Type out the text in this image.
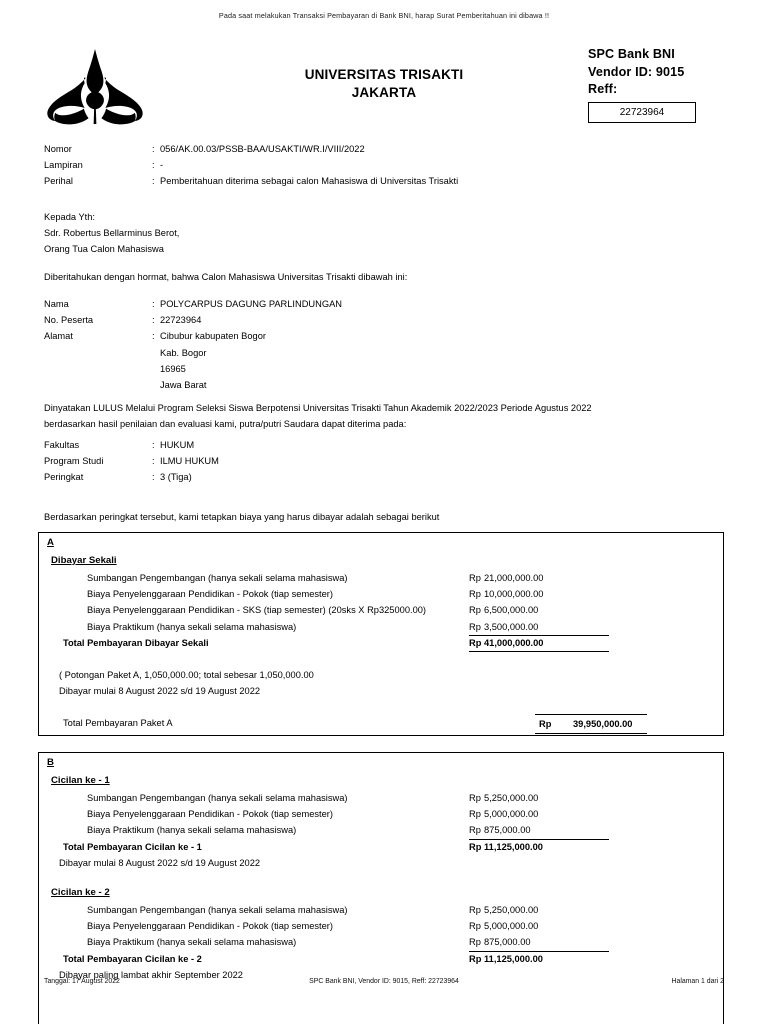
Pada saat melakukan Transaksi Pembayaran di Bank BNI, harap Surat Pemberitahuan ini dibawa !!
UNIVERSITAS TRISAKTI
JAKARTA
SPC Bank BNI
Vendor ID: 9015
Reff:
22723964
Nomor	: 056/AK.00.03/PSSB-BAA/USAKTI/WR.I/VIII/2022
Lampiran	: -
Perihal	: Pemberitahuan diterima sebagai calon Mahasiswa di Universitas Trisakti
Kepada Yth:
Sdr. Robertus Bellarminus Berot,
Orang Tua Calon Mahasiswa
Diberitahukan dengan hormat, bahwa Calon Mahasiswa Universitas Trisakti dibawah ini:
Nama	: POLYCARPUS DAGUNG PARLINDUNGAN
No. Peserta	: 22723964
Alamat	: Cibubur kabupaten Bogor
Kab. Bogor
16965
Jawa Barat
Dinyatakan LULUS Melalui Program Seleksi Siswa Berpotensi Universitas Trisakti Tahun Akademik 2022/2023 Periode Agustus 2022
berdasarkan hasil penilaian dan evaluasi kami, putra/putri Saudara dapat diterima pada:
Fakultas	: HUKUM
Program Studi	: ILMU HUKUM
Peringkat	: 3 (Tiga)
Berdasarkan peringkat tersebut, kami tetapkan biaya yang harus dibayar adalah sebagai berikut
A
Dibayar Sekali
Sumbangan Pengembangan (hanya sekali selama mahasiswa)	Rp 21,000,000.00
Biaya Penyelenggaraan Pendidikan - Pokok (tiap semester)	Rp 10,000,000.00
Biaya Penyelenggaraan Pendidikan - SKS (tiap semester) (20sks X Rp325000.00)	Rp 6,500,000.00
Biaya Praktikum (hanya sekali selama mahasiswa)	Rp 3,500,000.00
Total Pembayaran Dibayar Sekali	Rp 41,000,000.00
( Potongan Paket A, 1,050,000.00; total sebesar 1,050,000.00
Dibayar mulai 8 August 2022 s/d 19 August 2022
Total Pembayaran Paket A	Rp 39,950,000.00
B
Cicilan ke - 1
Sumbangan Pengembangan (hanya sekali selama mahasiswa)	Rp 5,250,000.00
Biaya Penyelenggaraan Pendidikan - Pokok (tiap semester)	Rp 5,000,000.00
Biaya Praktikum (hanya sekali selama mahasiswa)	Rp 875,000.00
Total Pembayaran Cicilan ke - 1	Rp 11,125,000.00
Dibayar mulai 8 August 2022 s/d 19 August 2022
Cicilan ke - 2
Sumbangan Pengembangan (hanya sekali selama mahasiswa)	Rp 5,250,000.00
Biaya Penyelenggaraan Pendidikan - Pokok (tiap semester)	Rp 5,000,000.00
Biaya Praktikum (hanya sekali selama mahasiswa)	Rp 875,000.00
Total Pembayaran Cicilan ke - 2	Rp 11,125,000.00
Dibayar paling lambat akhir September 2022
SPC Bank BNI, Vendor ID: 9015, Reff: 22723964
Tanggal: 17 August 2022	Halaman 1 dari 2
